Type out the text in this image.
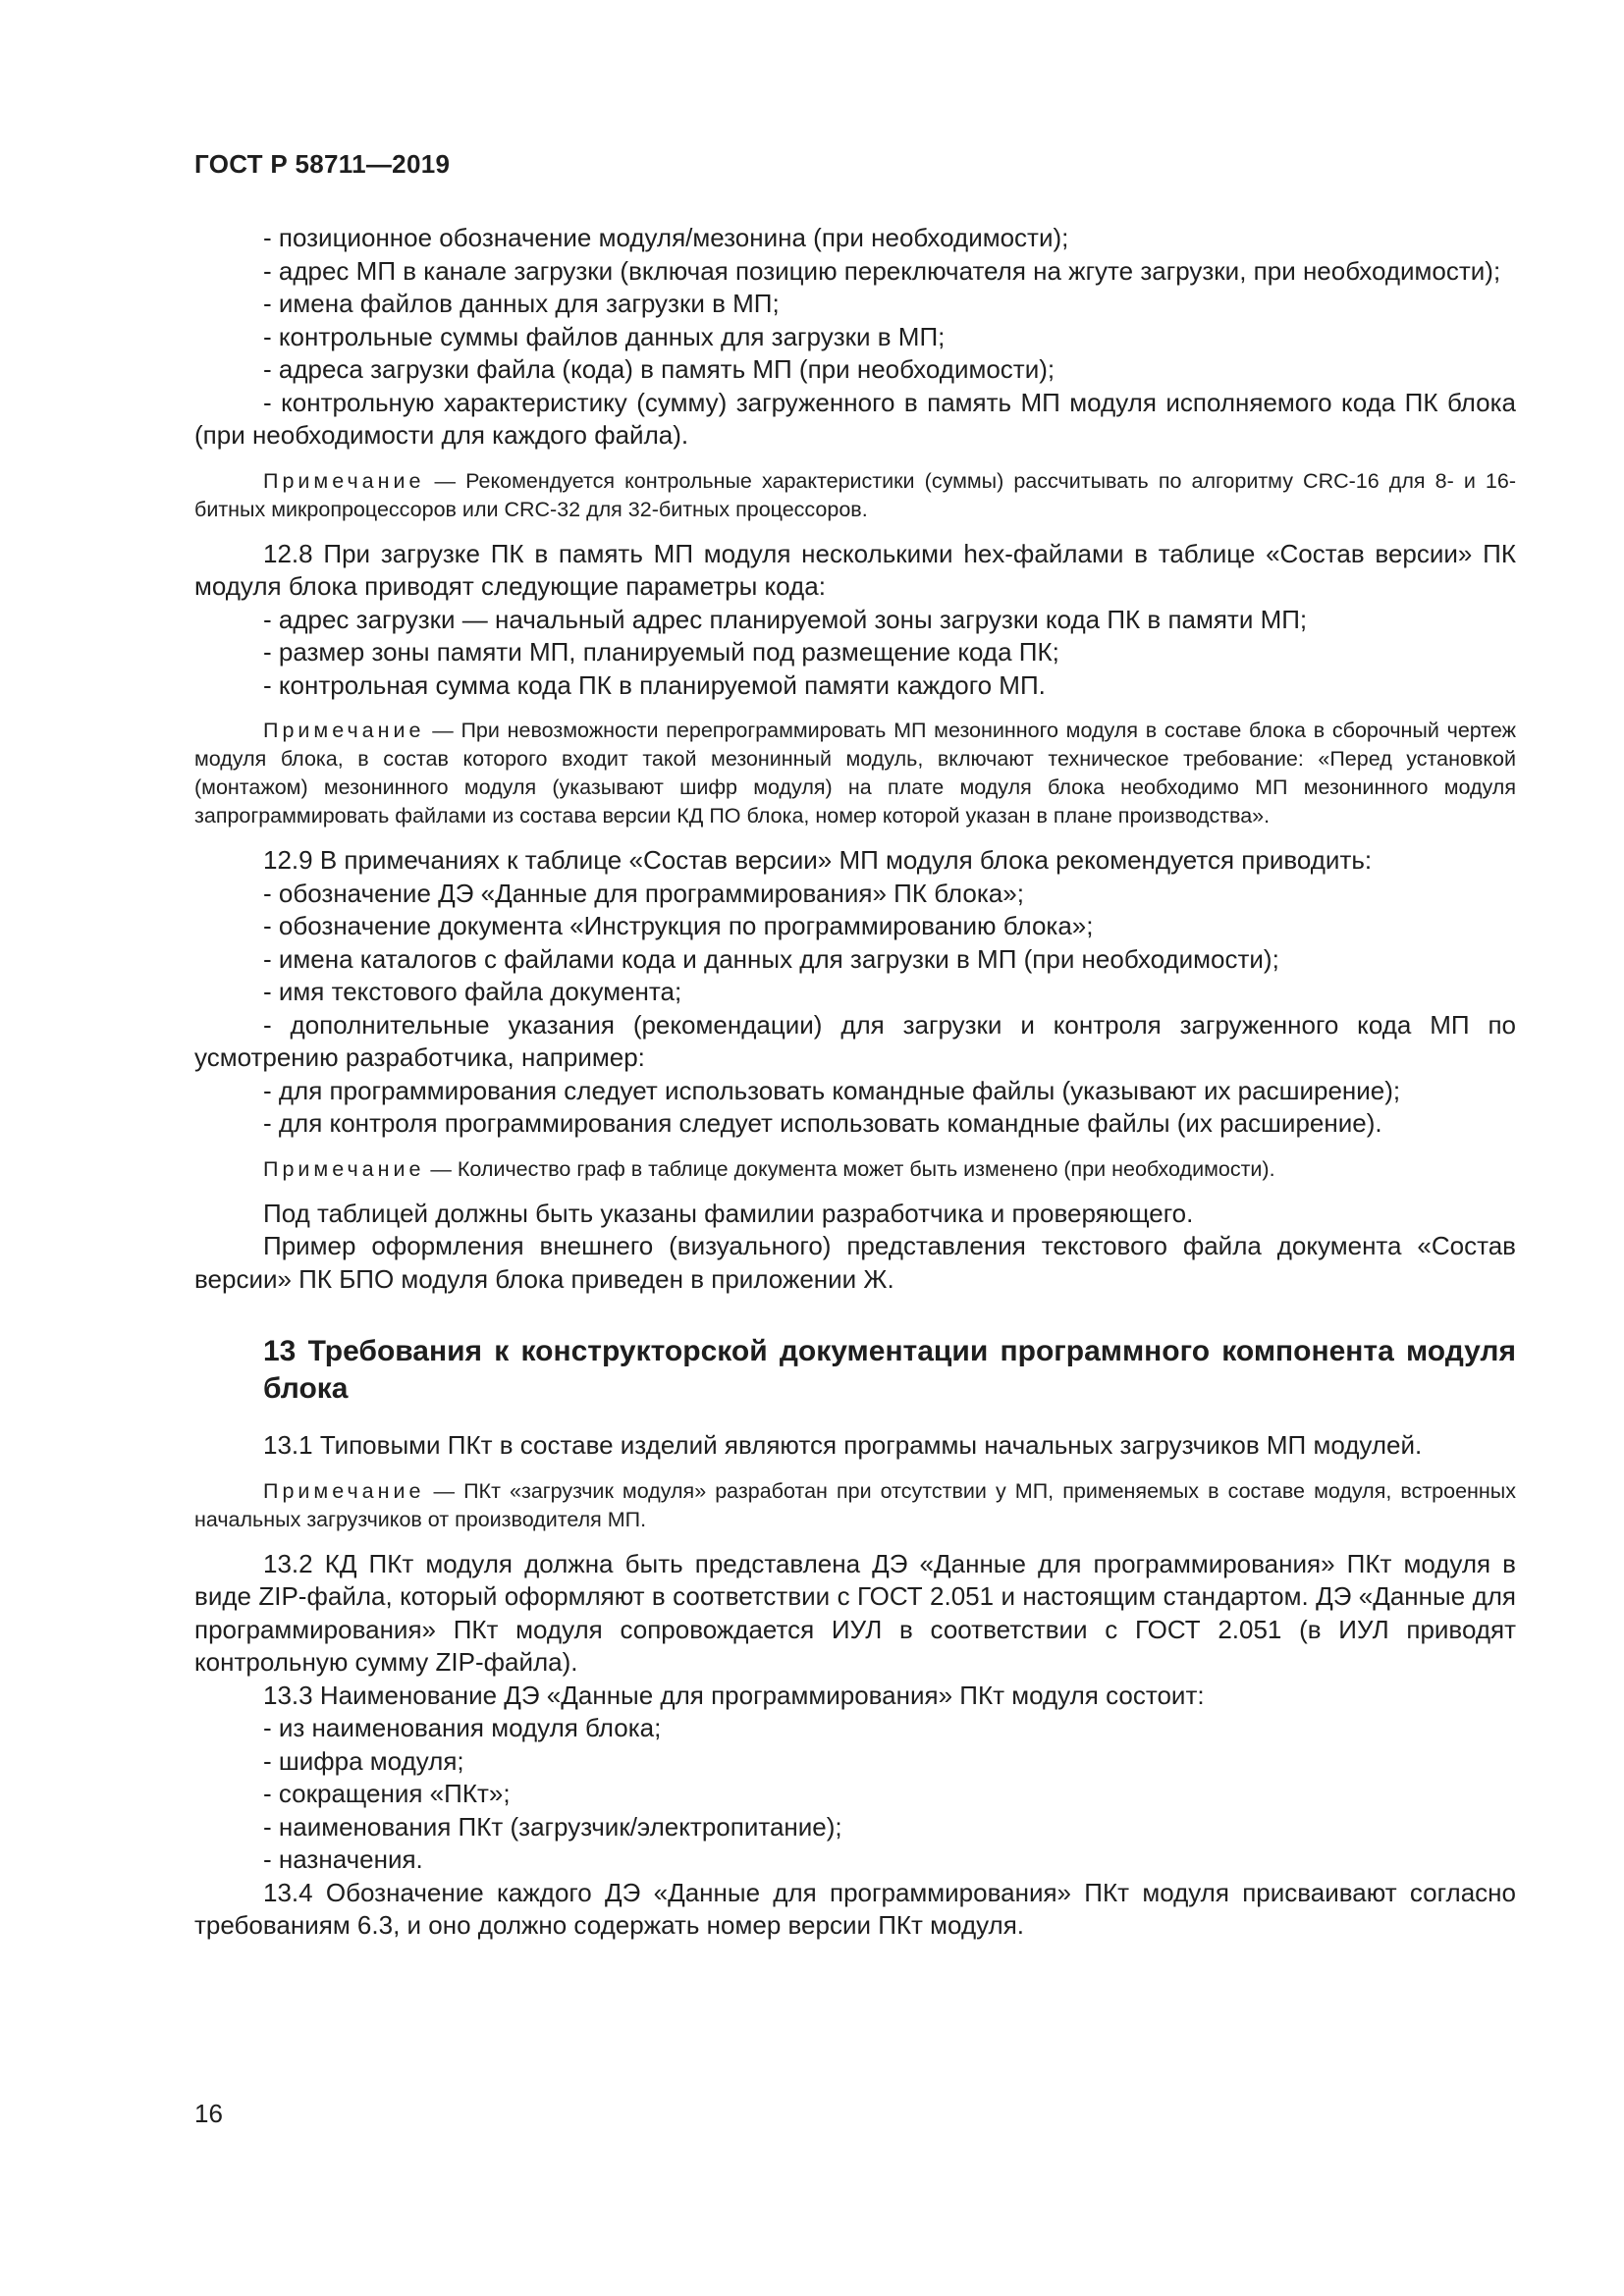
ГОСТ Р 58711—2019

- позиционное обозначение модуля/мезонина (при необходимости);

- адрес МП в канале загрузки (включая позицию переключателя на жгуте загрузки, при необходимости);

- имена файлов данных для загрузки в МП;

- контрольные суммы файлов данных для загрузки в МП;

- адреса загрузки файла (кода) в память МП (при необходимости);

- контрольную характеристику (сумму) загруженного в память МП модуля исполняемого кода ПК блока (при необходимости для каждого файла).

Примечание — Рекомендуется контрольные характеристики (суммы) рассчитывать по алгоритму CRC-16 для 8- и 16-битных микропроцессоров или CRC-32 для 32-битных процессоров.

12.8 При загрузке ПК в память МП модуля несколькими hex-файлами в таблице «Состав версии» ПК модуля блока приводят следующие параметры кода:

- адрес загрузки — начальный адрес планируемой зоны загрузки кода ПК в памяти МП;

- размер зоны памяти МП, планируемый под размещение кода ПК;

- контрольная сумма кода ПК в планируемой памяти каждого МП.

Примечание — При невозможности перепрограммировать МП мезонинного модуля в составе блока в сборочный чертеж модуля блока, в состав которого входит такой мезонинный модуль, включают техническое требование: «Перед установкой (монтажом) мезонинного модуля (указывают шифр модуля) на плате модуля блока необходимо МП мезонинного модуля запрограммировать файлами из состава версии КД ПО блока, номер которой указан в плане производства».

12.9 В примечаниях к таблице «Состав версии» МП модуля блока рекомендуется приводить:

- обозначение ДЭ «Данные для программирования» ПК блока»;

- обозначение документа «Инструкция по программированию блока»;

- имена каталогов с файлами кода и данных для загрузки в МП (при необходимости);

- имя текстового файла документа;

- дополнительные указания (рекомендации) для загрузки и контроля загруженного кода МП по усмотрению разработчика, например:

- для программирования следует использовать командные файлы (указывают их расширение);

- для контроля программирования следует использовать командные файлы (их расширение).

Примечание — Количество граф в таблице документа может быть изменено (при необходимости).

Под таблицей должны быть указаны фамилии разработчика и проверяющего.

Пример оформления внешнего (визуального) представления текстового файла документа «Состав версии» ПК БПО модуля блока приведен в приложении Ж.

13 Требования к конструкторской документации программного компонента модуля блока

13.1 Типовыми ПКт в составе изделий являются программы начальных загрузчиков МП модулей.

Примечание — ПКт «загрузчик модуля» разработан при отсутствии у МП, применяемых в составе модуля, встроенных начальных загрузчиков от производителя МП.

13.2 КД ПКт модуля должна быть представлена ДЭ «Данные для программирования» ПКт модуля в виде ZIP-файла, который оформляют в соответствии с ГОСТ 2.051 и настоящим стандартом. ДЭ «Данные для программирования» ПКт модуля сопровождается ИУЛ в соответствии с ГОСТ 2.051 (в ИУЛ приводят контрольную сумму ZIP-файла).

13.3 Наименование ДЭ «Данные для программирования» ПКт модуля состоит:

- из наименования модуля блока;

- шифра модуля;

- сокращения «ПКт»;

- наименования ПКт (загрузчик/электропитание);

- назначения.

13.4 Обозначение каждого ДЭ «Данные для программирования» ПКт модуля присваивают согласно требованиям 6.3, и оно должно содержать номер версии ПКт модуля.

16
